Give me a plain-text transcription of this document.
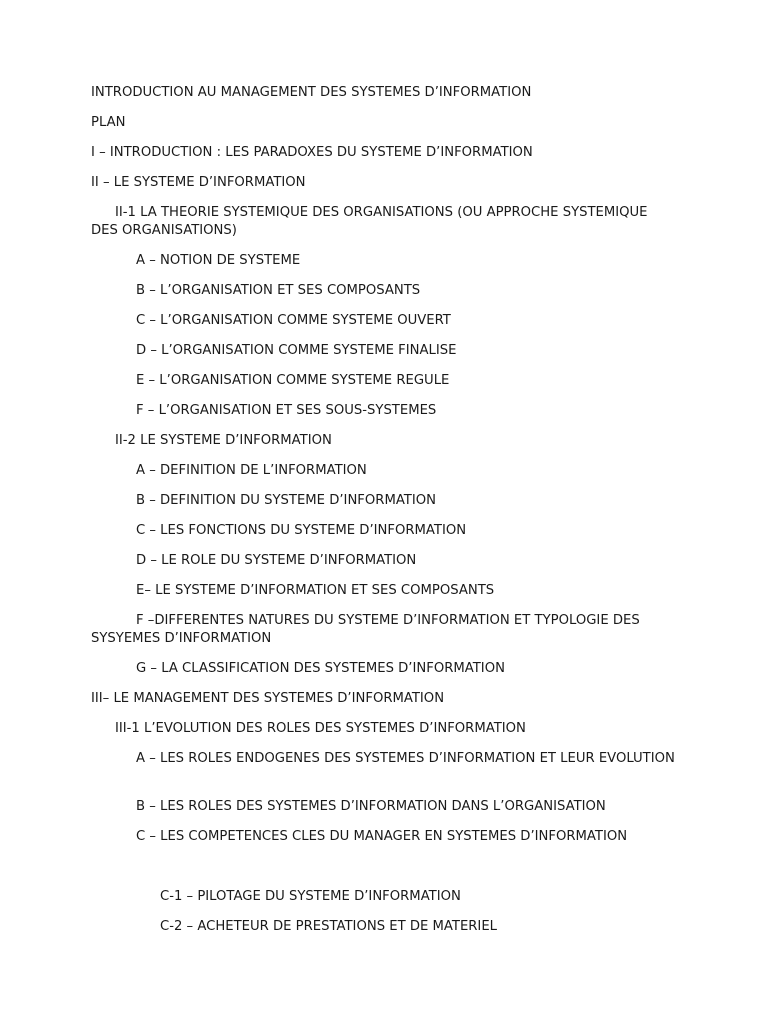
INTRODUCTION AU MANAGEMENT DES SYSTEMES D’INFORMATION
PLAN
I – INTRODUCTION : LES PARADOXES DU SYSTEME D’INFORMATION
II – LE SYSTEME D’INFORMATION
II-1 LA THEORIE SYSTEMIQUE DES ORGANISATIONS (OU APPROCHE SYSTEMIQUE DES ORGANISATIONS)
A – NOTION DE SYSTEME
B – L’ORGANISATION ET SES COMPOSANTS
C – L’ORGANISATION COMME SYSTEME OUVERT
D – L’ORGANISATION COMME SYSTEME FINALISE
E – L’ORGANISATION COMME SYSTEME REGULE
F – L’ORGANISATION ET SES SOUS-SYSTEMES
II-2 LE SYSTEME D’INFORMATION
A – DEFINITION DE L’INFORMATION
B – DEFINITION DU SYSTEME D’INFORMATION
C – LES FONCTIONS DU SYSTEME D’INFORMATION
D – LE ROLE DU SYSTEME D’INFORMATION
E– LE SYSTEME D’INFORMATION ET SES COMPOSANTS
F –DIFFERENTES NATURES DU SYSTEME D’INFORMATION ET TYPOLOGIE DES SYSYEMES D’INFORMATION
G – LA CLASSIFICATION DES SYSTEMES D’INFORMATION
III– LE MANAGEMENT DES SYSTEMES D’INFORMATION
III-1 L’EVOLUTION DES ROLES DES SYSTEMES D’INFORMATION
A – LES ROLES ENDOGENES DES SYSTEMES D’INFORMATION ET LEUR EVOLUTION
B – LES ROLES DES SYSTEMES D’INFORMATION DANS L’ORGANISATION
C – LES COMPETENCES CLES DU MANAGER EN SYSTEMES D’INFORMATION
C-1 – PILOTAGE DU SYSTEME D’INFORMATION
C-2 – ACHETEUR DE PRESTATIONS ET DE MATERIEL
